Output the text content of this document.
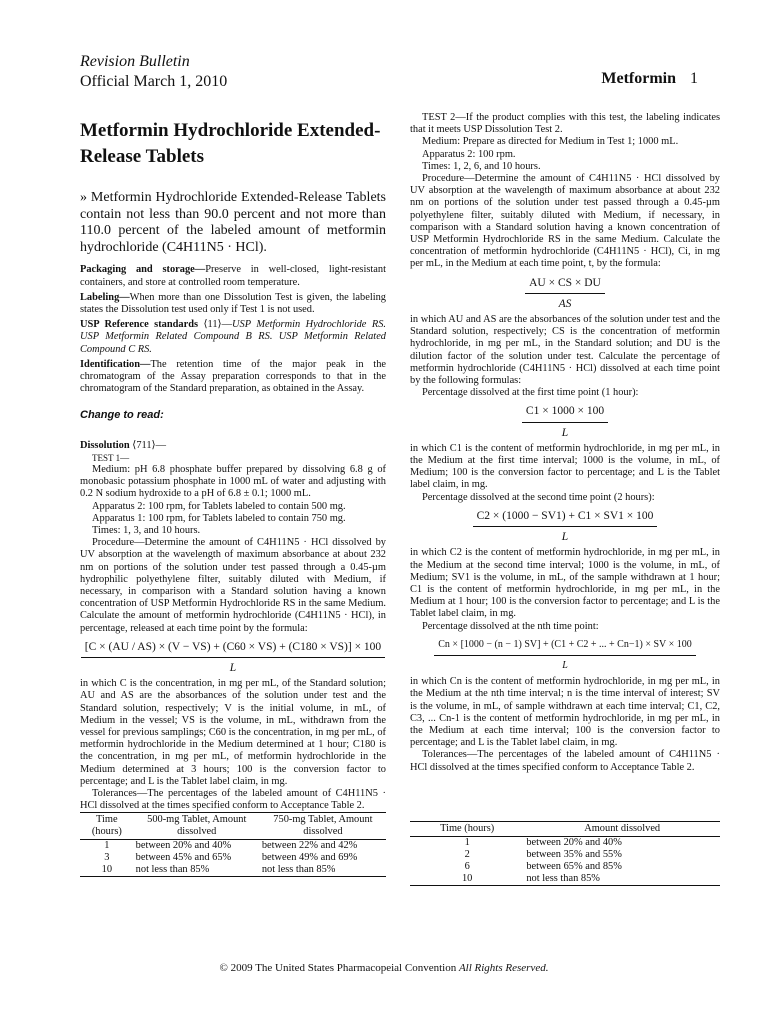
Revision Bulletin
Official March 1, 2010	Metformin 1
Metformin Hydrochloride Extended-
Release Tablets

» Metformin Hydrochloride Extended-Release Tablets contain not less than 90.0 percent and not more than 110.0 percent of the labeled amount of metformin hydrochloride (C4H11N5 · HCl).

Packaging and storage—Preserve in well-closed, light-resistant containers, and store at controlled room temperature.

Labeling—When more than one Dissolution Test is given, the labeling states the Dissolution test used only if Test 1 is not used.

USP Reference standards ⟨11⟩—USP Metformin Hydrochloride RS. USP Metformin Related Compound B RS. USP Metformin Related Compound C RS.

Identification—The retention time of the major peak in the chromatogram of the Assay preparation corresponds to that in the chromatogram of the Standard preparation, as obtained in the Assay.

Change to read:

Dissolution ⟨711⟩—

TEST 1—

Medium: pH 6.8 phosphate buffer prepared by dissolving 6.8 g of monobasic potassium phosphate in 1000 mL of water and adjusting with 0.2 N sodium hydroxide to a pH of 6.8 ± 0.1; 1000 mL.

Apparatus 2: 100 rpm, for Tablets labeled to contain 500 mg.

Apparatus 1: 100 rpm, for Tablets labeled to contain 750 mg.

Times: 1, 3, and 10 hours.

Procedure—Determine the amount of C4H11N5 · HCl dissolved by UV absorption at the wavelength of maximum absorbance at about 232 nm on portions of the solution under test passed through a 0.45-µm hydrophilic polyethylene filter, suitably diluted with Medium, if necessary, in comparison with a Standard solution having a known concentration of USP Metformin Hydrochloride RS in the same Medium. Calculate the amount of metformin hydrochloride (C4H11N5 · HCl), in percentage, released at each time point by the formula:

$\frac{[C \times (AU / AS) \times (V - VS) + (C60 \times VS) + (C180 \times VS)] \times 100}{L}$

in which C is the concentration, in mg per mL, of the Standard solution; AU and AS are the absorbances of the solution under test and the Standard solution, respectively; V is the initial volume, in mL, of Medium in the vessel; VS is the volume, in mL, withdrawn from the vessel for previous samplings; C60 is the concentration, in mg per mL, of metformin hydrochloride in the Medium determined at 1 hour; C180 is the concentration, in mg per mL, of metformin hydrochloride in the Medium determined at 3 hours; 100 is the conversion factor to percentage; and L is the Tablet label claim, in mg.

Tolerances—The percentages of the labeled amount of C4H11N5 · HCl dissolved at the times specified conform to Acceptance Table 2.

Time (hours)	500-mg Tablet, Amount dissolved	750-mg Tablet, Amount dissolved
1	between 20% and 40%	between 22% and 42%
3	between 45% and 65%	between 49% and 69%
10	not less than 85%	not less than 85%

TEST 2—If the product complies with this test, the labeling indicates that it meets USP Dissolution Test 2.

Medium: Prepare as directed for Medium in Test 1; 1000 mL.

Apparatus 2: 100 rpm.

Times: 1, 2, 6, and 10 hours.

Procedure—Determine the amount of C4H11N5 · HCl dissolved by UV absorption at the wavelength of maximum absorbance at about 232 nm on portions of the solution under test passed through a 0.45-µm polyethylene filter, suitably diluted with Medium, if necessary, in comparison with a Standard solution having a known concentration of USP Metformin Hydrochloride RS in the same Medium. Calculate the concentration of metformin hydrochloride (C4H11N5 · HCl), Ci, in mg per mL, in the Medium at each time point, t, by the formula:

$\frac{AU \times CS \times DU}{AS}$

in which AU and AS are the absorbances of the solution under test and the Standard solution, respectively; CS is the concentration of metformin hydrochloride, in mg per mL, in the Standard solution; and DU is the dilution factor of the solution under test. Calculate the percentage of metformin hydrochloride (C4H11N5 · HCl) dissolved at each time point by the following formulas:

Percentage dissolved at the first time point (1 hour):

$\frac{C1 \times 1000 \times 100}{L}$

in which C1 is the content of metformin hydrochloride, in mg per mL, in the Medium at the first time interval; 1000 is the volume, in mL, of Medium; 100 is the conversion factor to percentage; and L is the Tablet label claim, in mg.

Percentage dissolved at the second time point (2 hours):

$\frac{C2 \times (1000 - SV1) + C1 \times SV1 \times 100}{L}$

in which C2 is the content of metformin hydrochloride, in mg per mL, in the Medium at the second time interval; 1000 is the volume, in mL, of Medium; SV1 is the volume, in mL, of the sample withdrawn at 1 hour; C1 is the content of metformin hydrochloride, in mg per mL, in the Medium at 1 hour; 100 is the conversion factor to percentage; and L is the Tablet label claim, in mg.

Percentage dissolved at the nth time point:

$\frac{Cn \times [1000 - (n - 1) SV] + (C1 + C2 + ... + Cn-1) \times SV \times 100}{L}$

in which Cn is the content of metformin hydrochloride, in mg per mL, in the Medium at the nth time interval; n is the time interval of interest; SV is the volume, in mL, of sample withdrawn at each time interval; C1, C2, C3, ... Cn-1 is the content of metformin hydrochloride, in mg per mL, in the Medium at each time interval; 100 is the conversion factor to percentage; and L is the Tablet label claim, in mg.

Tolerances—The percentages of the labeled amount of C4H11N5 · HCl dissolved at the times specified conform to Acceptance Table 2.

Time (hours)	Amount dissolved
1	between 20% and 40%
2	between 35% and 55%
6	between 65% and 85%
10	not less than 85%
© 2009 The United States Pharmacopeial Convention All Rights Reserved.
